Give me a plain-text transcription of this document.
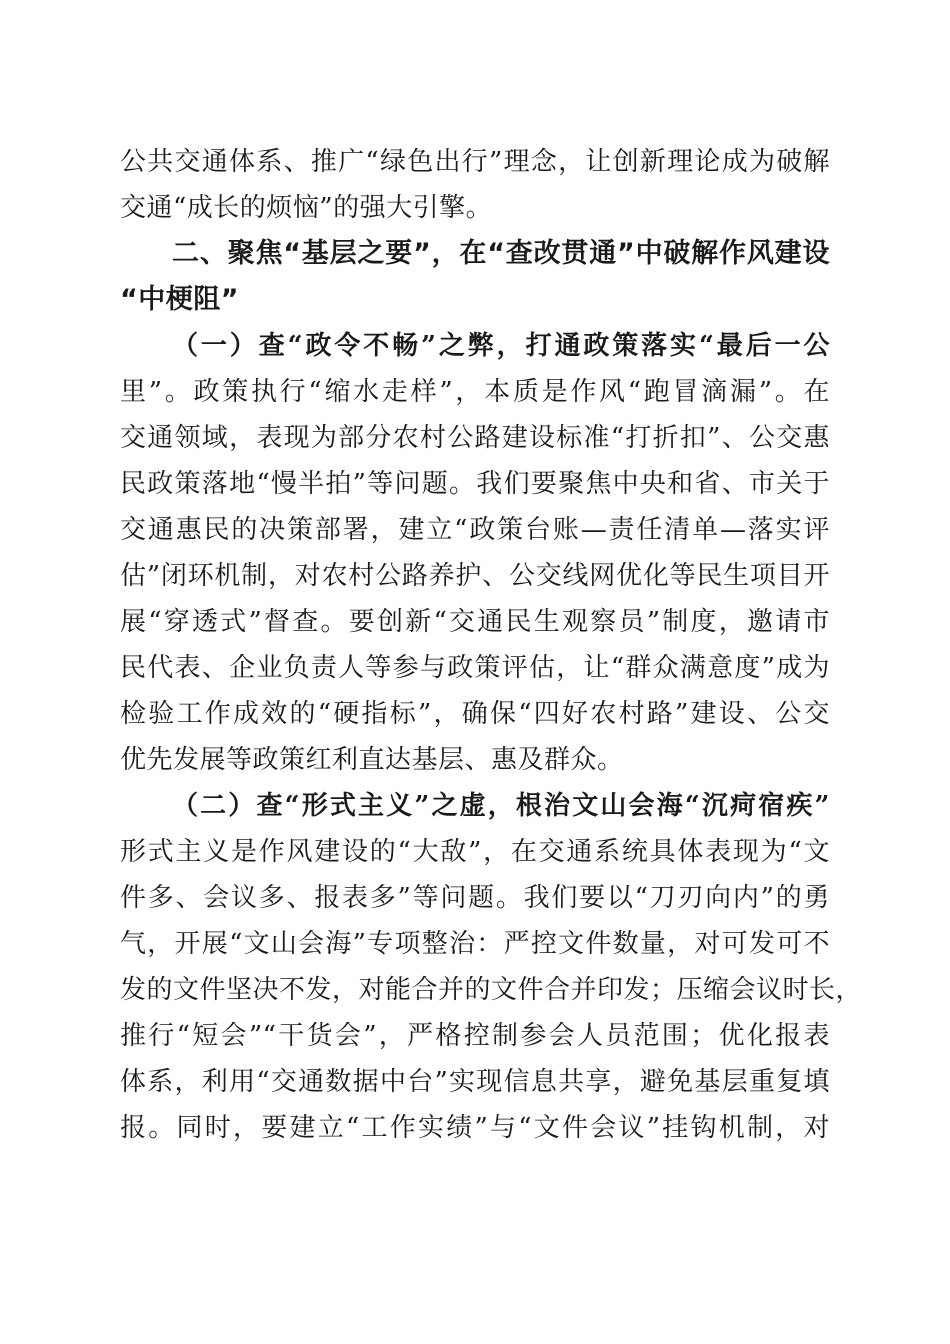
公共交通体系、推广“绿色出行”理念，让创新理论成为破解
交通“成长的烦恼”的强大引擎。
二、聚焦“基层之要”，在“查改贯通”中破解作风建设
“中梗阻”
（一）查“政令不畅”之弊，打通政策落实“最后一公
里”。政策执行“缩水走样”，本质是作风“跑冒滴漏”。在
交通领域，表现为部分农村公路建设标准“打折扣”、公交惠
民政策落地“慢半拍”等问题。我们要聚焦中央和省、市关于
交通惠民的决策部署，建立“政策台账—责任清单—落实评
估”闭环机制，对农村公路养护、公交线网优化等民生项目开
展“穿透式”督查。要创新“交通民生观察员”制度，邀请市
民代表、企业负责人等参与政策评估，让“群众满意度”成为
检验工作成效的“硬指标”，确保“四好农村路”建设、公交
优先发展等政策红利直达基层、惠及群众。
（二）查“形式主义”之虚，根治文山会海“沉疴宿疾”
形式主义是作风建设的“大敌”，在交通系统具体表现为“文
件多、会议多、报表多”等问题。我们要以“刀刃向内”的勇
气，开展“文山会海”专项整治：严控文件数量，对可发可不
发的文件坚决不发，对能合并的文件合并印发；压缩会议时长，
推行“短会”“干货会”，严格控制参会人员范围；优化报表
体系，利用“交通数据中台”实现信息共享，避免基层重复填
报。同时，要建立“工作实绩”与“文件会议”挂钩机制，对
